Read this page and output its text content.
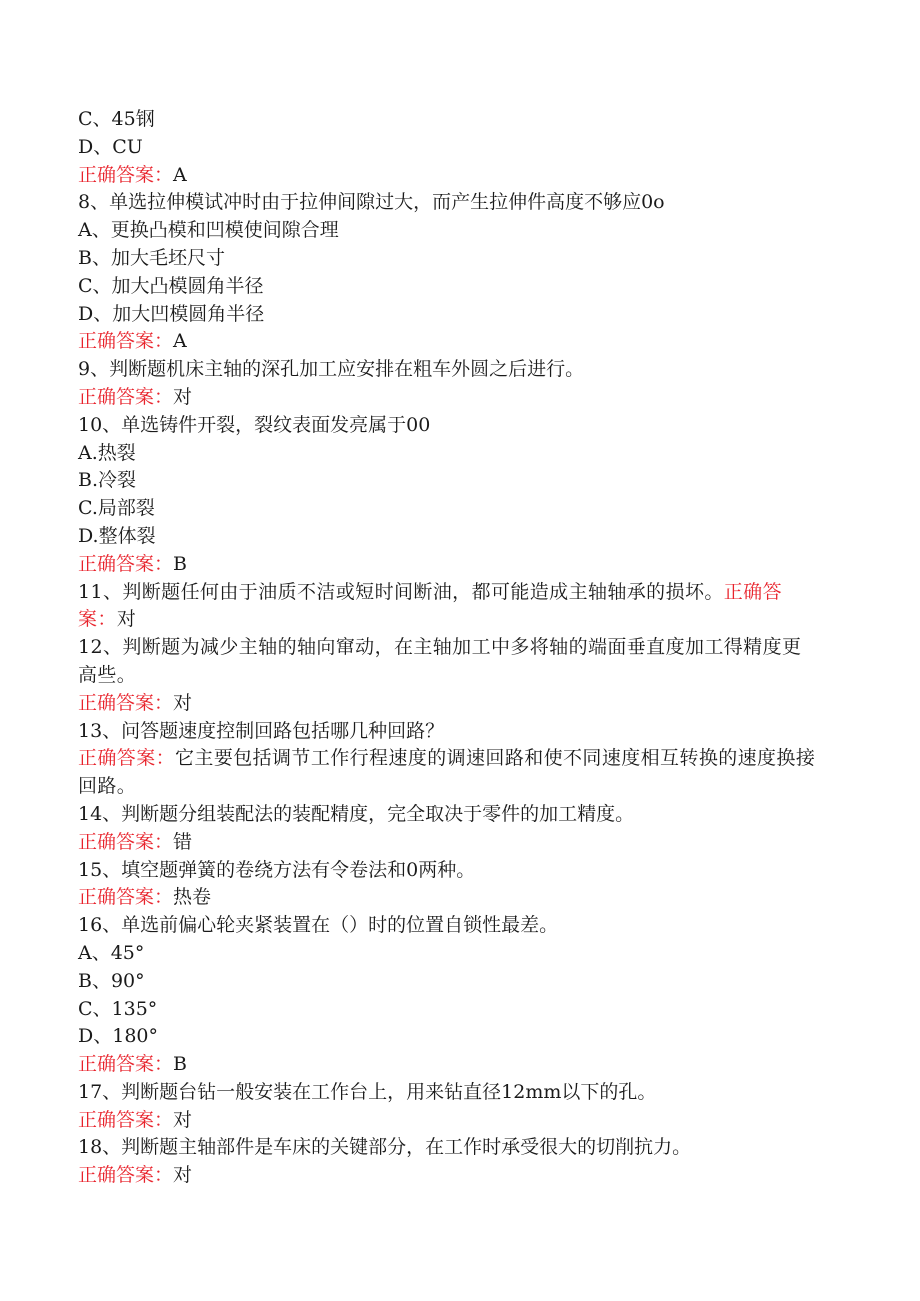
C、45钢
D、CU
正确答案：A
8、单选拉伸模试冲时由于拉伸间隙过大，而产生拉伸件高度不够应0o
A、更换凸模和凹模使间隙合理
B、加大毛坯尺寸
C、加大凸模圆角半径
D、加大凹模圆角半径
正确答案：A
9、判断题机床主轴的深孔加工应安排在粗车外圆之后进行。
正确答案：对
10、单选铸件开裂，裂纹表面发亮属于00
A.热裂
B.冷裂
C.局部裂
D.整体裂
正确答案：B
11、判断题任何由于油质不洁或短时间断油，都可能造成主轴轴承的损坏。正确答案：对
12、判断题为减少主轴的轴向窜动，在主轴加工中多将轴的端面垂直度加工得精度更高些。
正确答案：对
13、问答题速度控制回路包括哪几种回路？
正确答案：它主要包括调节工作行程速度的调速回路和使不同速度相互转换的速度换接回路。
14、判断题分组装配法的装配精度，完全取决于零件的加工精度。
正确答案：错
15、填空题弹簧的卷绕方法有令卷法和0两种。
正确答案：热卷
16、单选前偏心轮夹紧装置在（）时的位置自锁性最差。
A、45°
B、90°
C、135°
D、180°
正确答案：B
17、判断题台钻一般安装在工作台上，用来钻直径12mm以下的孔。
正确答案：对
18、判断题主轴部件是车床的关键部分，在工作时承受很大的切削抗力。
正确答案：对
